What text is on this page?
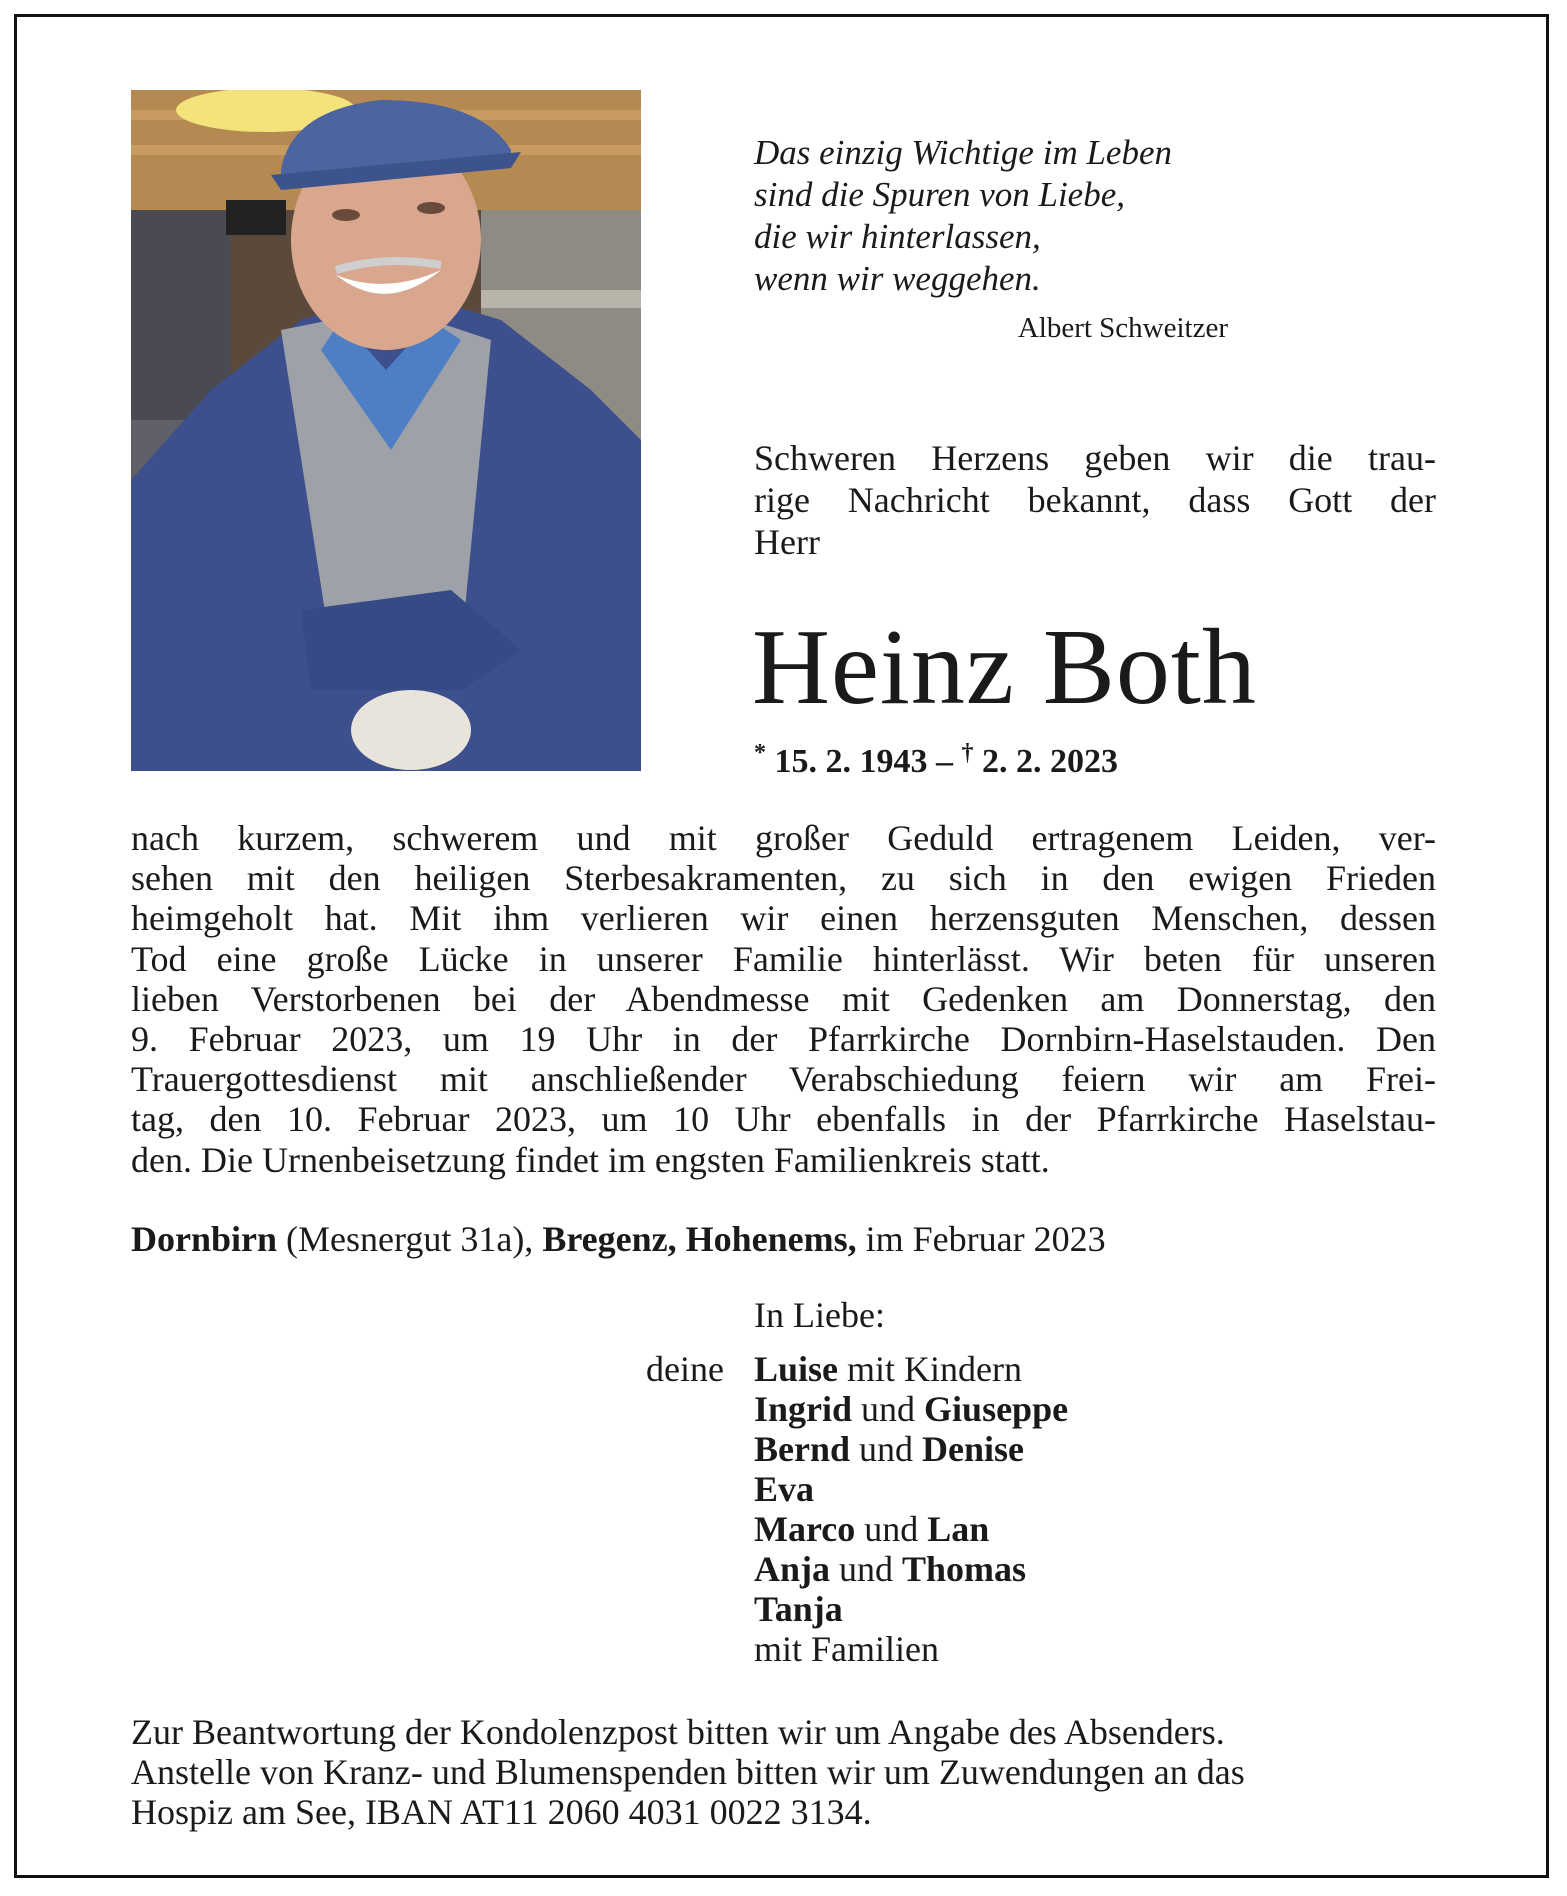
Das einzig Wichtige im Leben
sind die Spuren von Liebe,
die wir hinterlassen,
wenn wir weggehen.
Albert Schweitzer
Schweren Herzens geben wir die trau-
rige Nachricht bekannt, dass Gott der
Herr
Heinz Both
* 15. 2. 1943 – † 2. 2. 2023
nach kurzem, schwerem und mit großer Geduld ertragenem Leiden, ver-
sehen mit den heiligen Sterbesakramenten, zu sich in den ewigen Frieden
heimgeholt hat. Mit ihm verlieren wir einen herzensguten Menschen, dessen
Tod eine große Lücke in unserer Familie hinterlässt. Wir beten für unseren
lieben Verstorbenen bei der Abendmesse mit Gedenken am Donnerstag, den
9. Februar 2023, um 19 Uhr in der Pfarrkirche Dornbirn-Haselstauden. Den
Trauergottesdienst mit anschließender Verabschiedung feiern wir am Frei-
tag, den 10. Februar 2023, um 10 Uhr ebenfalls in der Pfarrkirche Haselstau-
den. Die Urnenbeisetzung findet im engsten Familienkreis statt.
Dornbirn (Mesnergut 31a), Bregenz, Hohenems, im Februar 2023
In Liebe:
deine Luise mit Kindern
Ingrid und Giuseppe
Bernd und Denise
Eva
Marco und Lan
Anja und Thomas
Tanja
mit Familien
Zur Beantwortung der Kondolenzpost bitten wir um Angabe des Absenders.
Anstelle von Kranz- und Blumenspenden bitten wir um Zuwendungen an das
Hospiz am See, IBAN AT11 2060 4031 0022 3134.
